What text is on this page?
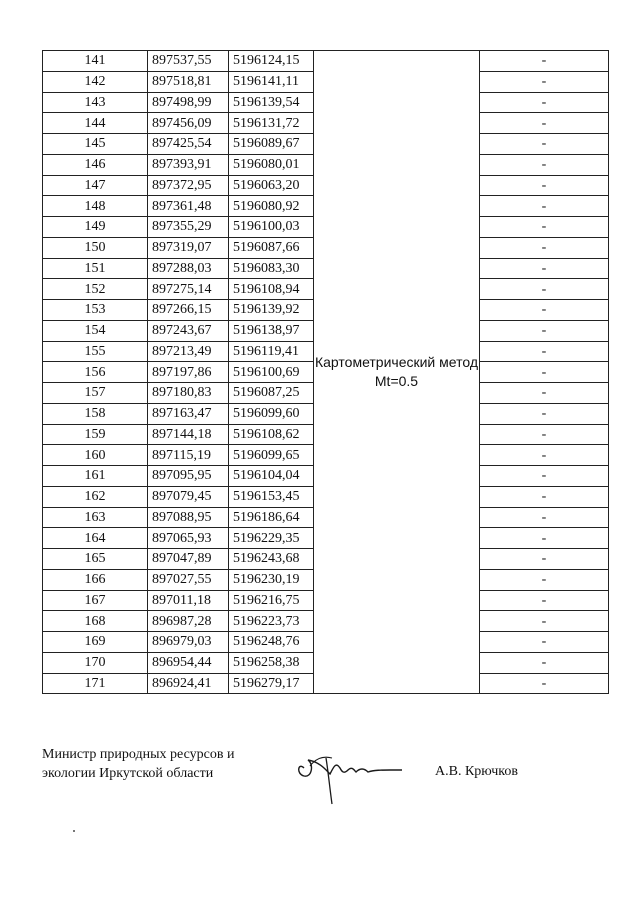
141	897537,55	5196124,15	Картометрический метод Mt=0.5	-
142	897518,81	5196141,11		-
143	897498,99	5196139,54		-
144	897456,09	5196131,72		-
145	897425,54	5196089,67		-
146	897393,91	5196080,01		-
147	897372,95	5196063,20		-
148	897361,48	5196080,92		-
149	897355,29	5196100,03		-
150	897319,07	5196087,66		-
151	897288,03	5196083,30		-
152	897275,14	5196108,94		-
153	897266,15	5196139,92		-
154	897243,67	5196138,97		-
155	897213,49	5196119,41		-
156	897197,86	5196100,69		-
157	897180,83	5196087,25		-
158	897163,47	5196099,60		-
159	897144,18	5196108,62		-
160	897115,19	5196099,65		-
161	897095,95	5196104,04		-
162	897079,45	5196153,45		-
163	897088,95	5196186,64		-
164	897065,93	5196229,35		-
165	897047,89	5196243,68		-
166	897027,55	5196230,19		-
167	897011,18	5196216,75		-
168	896987,28	5196223,73		-
169	896979,03	5196248,76		-
170	896954,44	5196258,38		-
171	896924,41	5196279,17		-
Министр природных ресурсов и
экологии Иркутской области	А.В. Крючков
